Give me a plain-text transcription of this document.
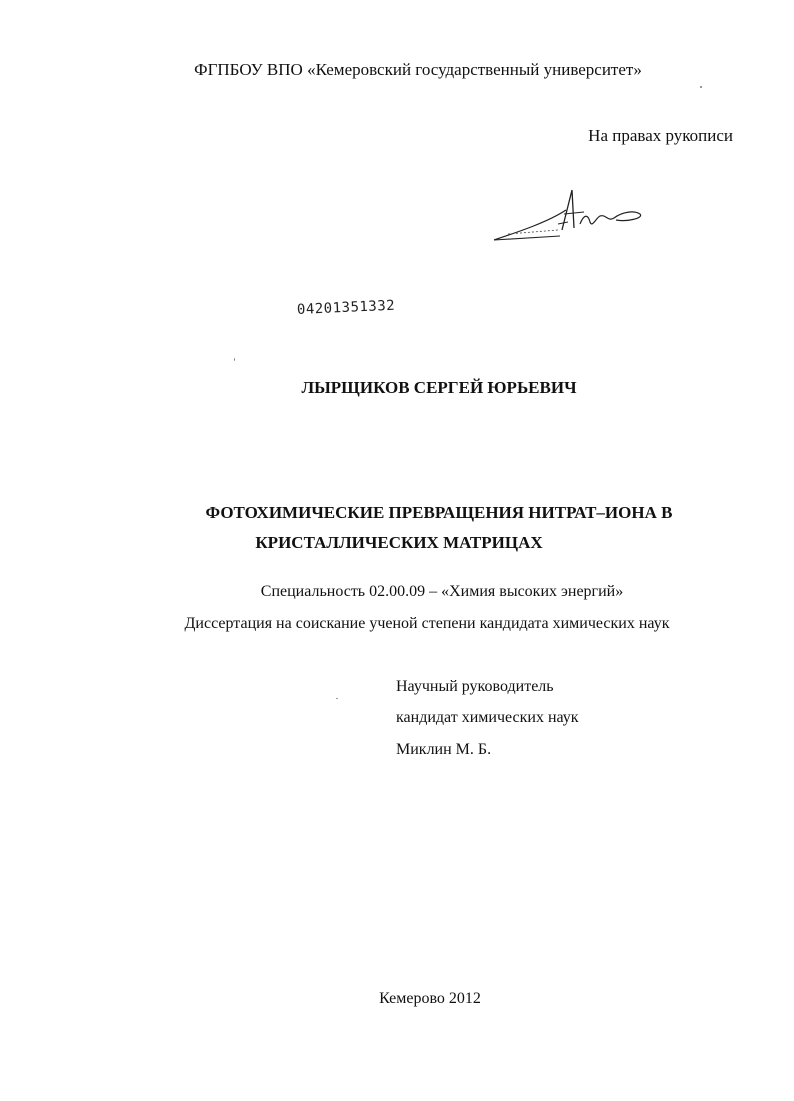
ФГПБОУ ВПО «Кемеровский государственный университет»
На правах рукописи
04201351332
ЛЫРЩИКОВ СЕРГЕЙ ЮРЬЕВИЧ
ФОТОХИМИЧЕСКИЕ ПРЕВРАЩЕНИЯ НИТРАТ–ИОНА В
КРИСТАЛЛИЧЕСКИХ МАТРИЦАХ
Специальность 02.00.09 – «Химия высоких энергий»
Диссертация на соискание ученой степени кандидата химических наук
Научный руководитель
кандидат химических наук
Миклин М. Б.
Кемерово 2012
